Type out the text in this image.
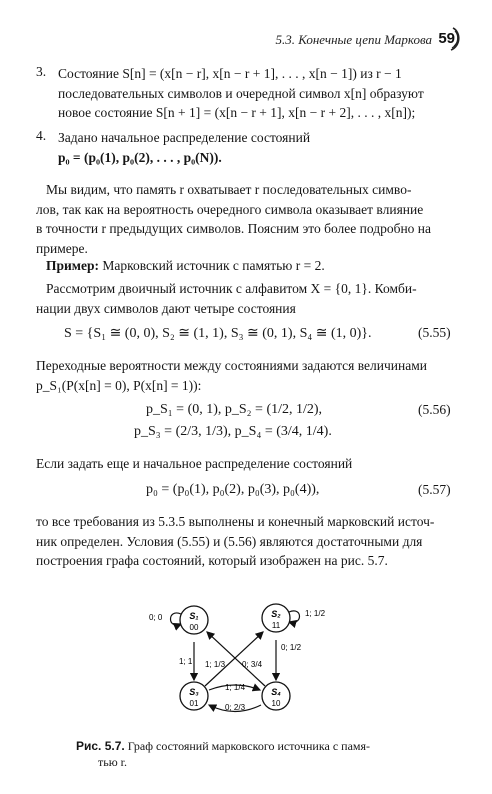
5.3. Конечные цепи Маркова 59
3. Состояние S[n] = (x[n − r], x[n − r + 1], . . . , x[n − 1]) из r − 1
последовательных символов и очередной символ x[n] образуют
новое состояние S[n + 1] = (x[n − r + 1], x[n − r + 2], . . . , x[n]);
4. Задано начальное распределение состояний
p₀ = (p₀(1), p₀(2), . . . , p₀(N)).
Мы видим, что память r охватывает r последовательных симво-
лов, так как на вероятность очередного символа оказывает влияние
в точности r предыдущих символов. Поясним это более подробно на
примере.
Пример: Марковский источник с памятью r = 2.
Рассмотрим двоичный источник с алфавитом X = {0, 1}. Комби-
нации двух символов дают четыре состояния
S = {S₁ ≅ (0, 0), S₂ ≅ (1, 1), S₃ ≅ (0, 1), S₄ ≅ (1, 0)}.	(5.55)
Переходные вероятности между состояниями задаются величинами
p_S₁(P(x[n] = 0), P(x[n] = 1)):
p_S₁ = (0, 1), p_S₂ = (1/2, 1/2),
p_S₃ = (2/3, 1/3), p_S₄ = (3/4, 1/4).
(5.56)
Если задать еще и начальное распределение состояний
p₀ = (p₀(1), p₀(2), p₀(3), p₀(4)),	(5.57)
то все требования из 5.3.5 выполнены и конечный марковский источ-
ник определен. Условия (5.55) и (5.56) являются достаточными для
построения графа состояний, который изображен на рис. 5.7.
S₁
00
S₂
11
S₃
01
S₄
10
0; 0	1; 1/2
1; 1
0; 1/2
1; 1/3 0; 3/4
1; 1/4
0; 2/3
Рис. 5.7. Граф состояний марковского источника с памя-
тью r.
